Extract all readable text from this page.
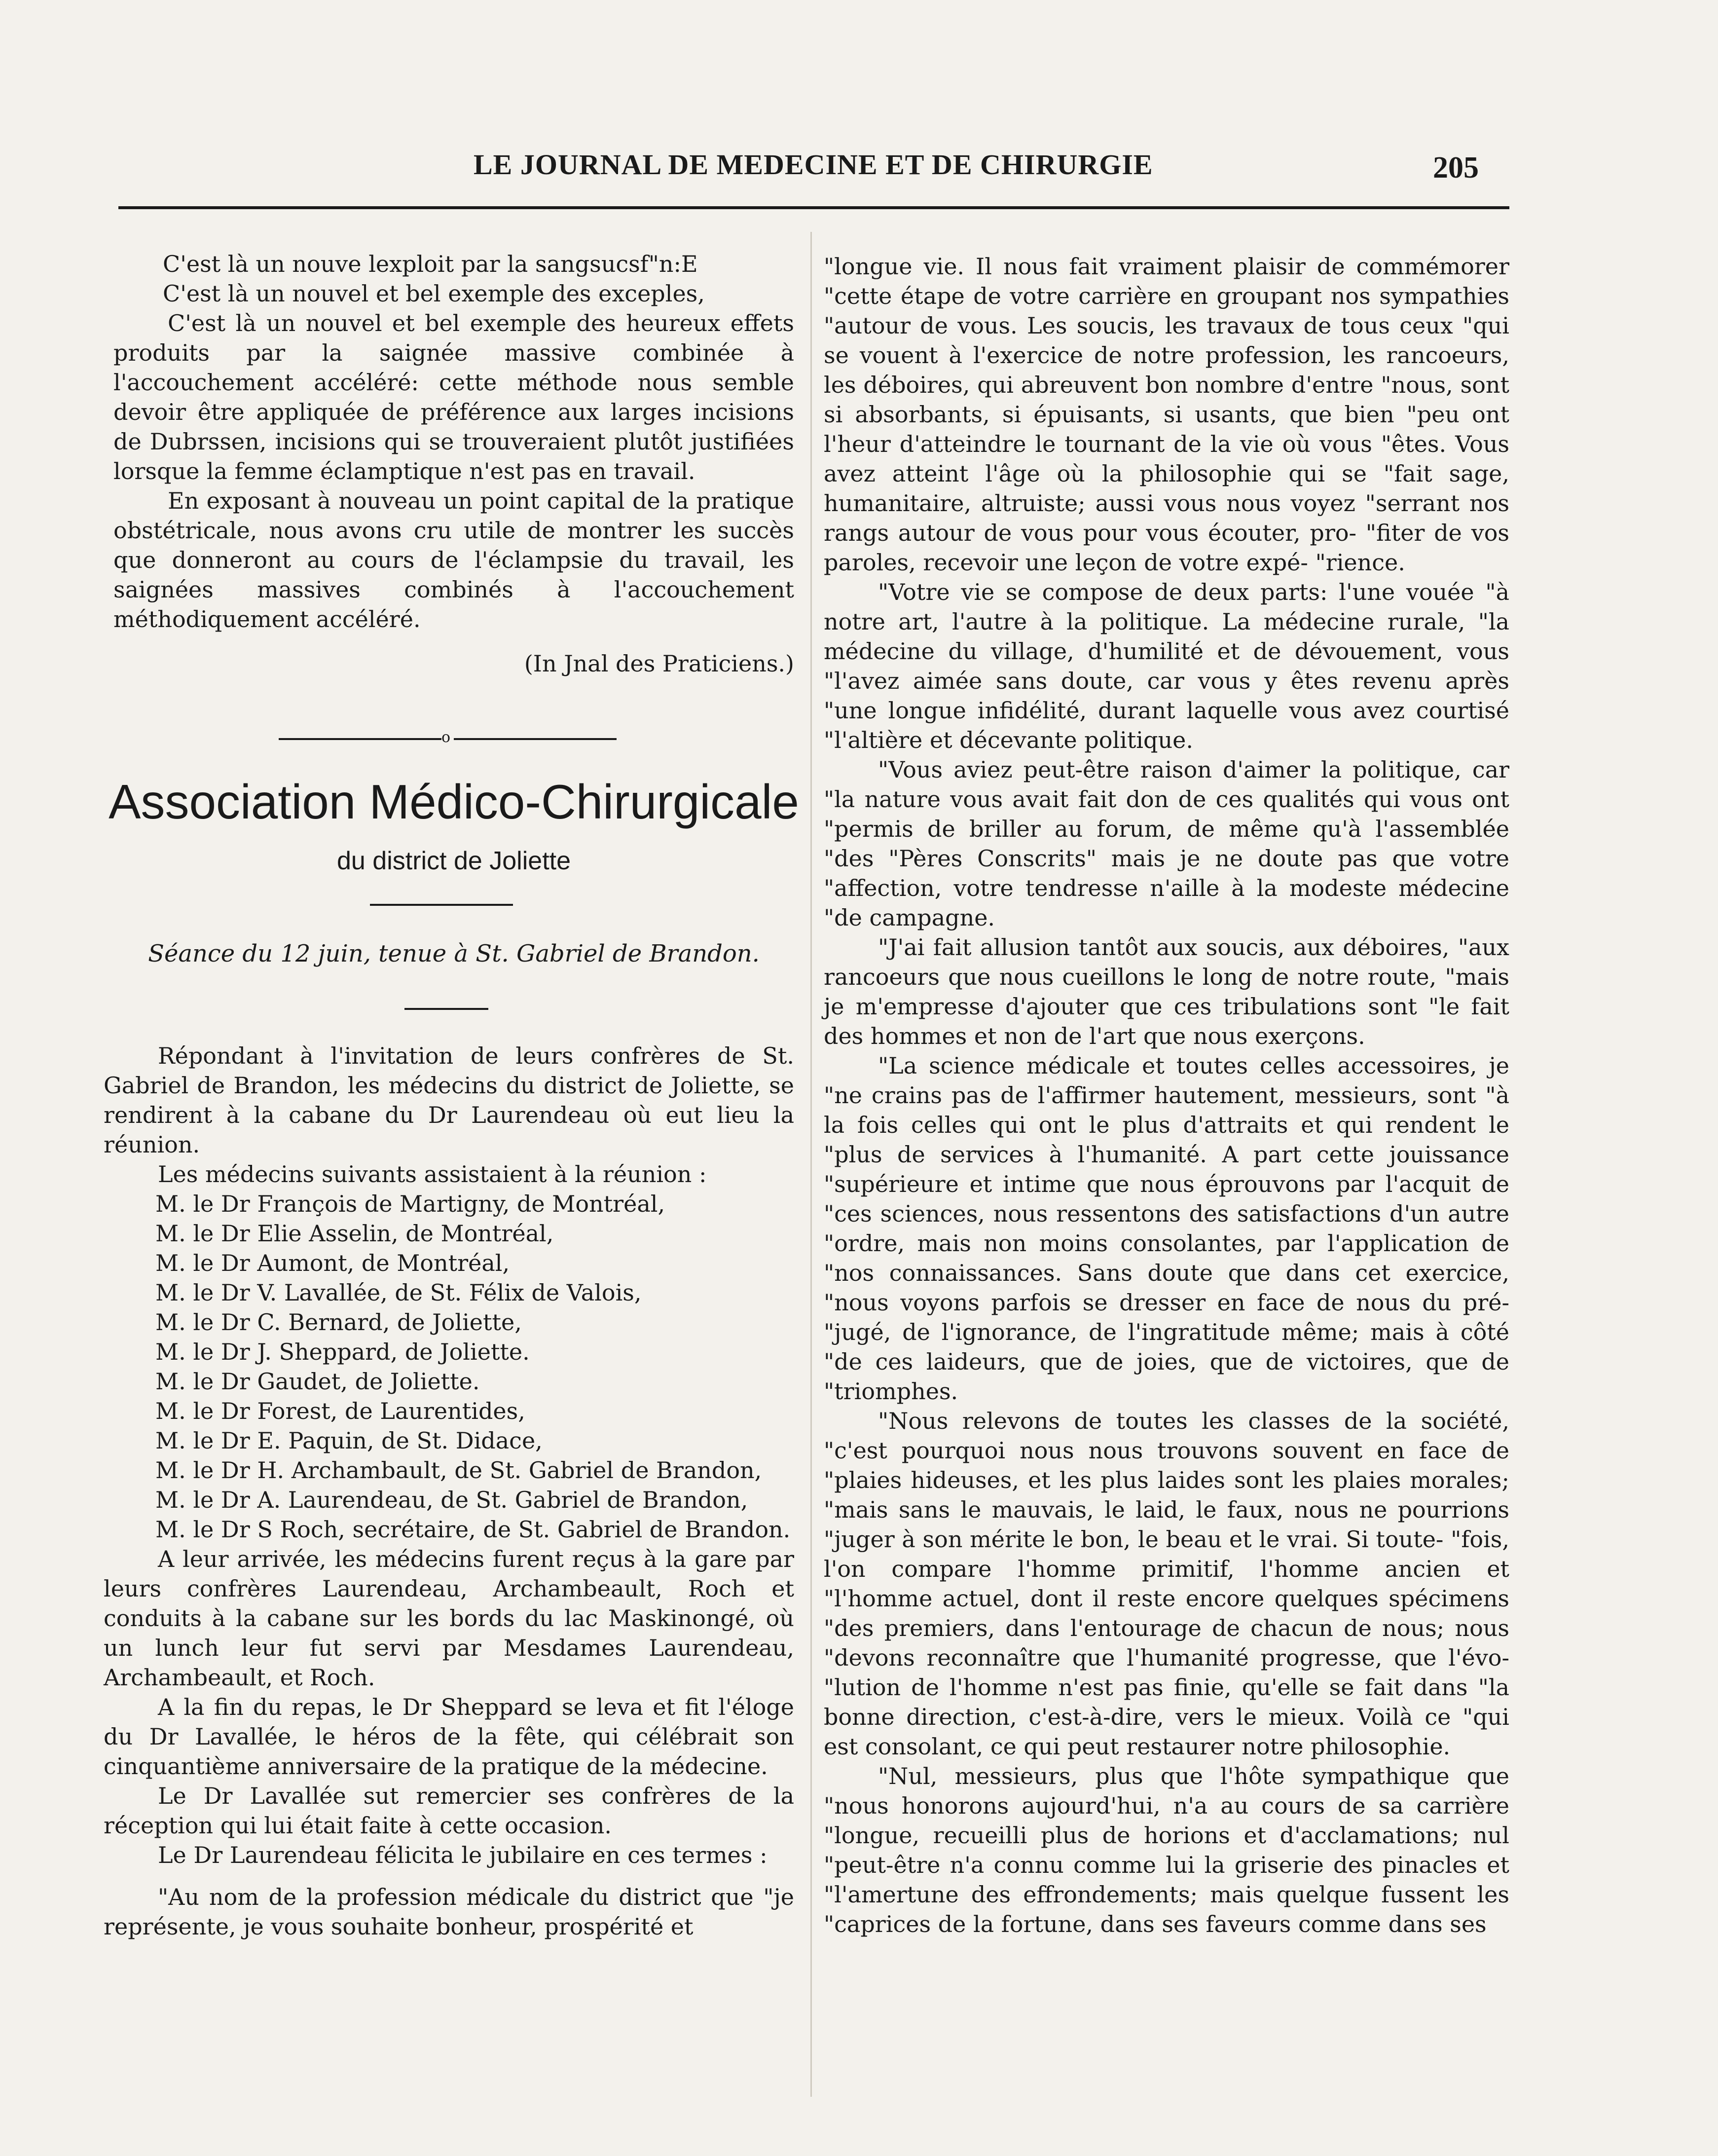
LE JOURNAL DE MEDECINE ET DE CHIRURGIE	205

C'est là un nouve lexploit par la sangsucsf"n:E

C'est là un nouvel et bel exemple des exceples,

C'est là un nouvel et bel exemple des heureux effets produits par la saignée massive combinée à l'accouchement accéléré: cette méthode nous semble devoir être appliquée de préférence aux larges incisions de Dubrssen, incisions qui se trouveraient plutôt justifiées lorsque la femme éclamptique n'est pas en travail.

En exposant à nouveau un point capital de la pratique obstétricale, nous avons cru utile de montrer les succès que donneront au cours de l'éclampsie du travail, les saignées massives combinés à l'accouchement méthodiquement accéléré.

(In Jnal des Praticiens.)

o
Association Médico-Chirurgicale
du district de Joliette
Séance du 12 juin, tenue à St. Gabriel de Brandon.

Répondant à l'invitation de leurs confrères de St. Gabriel de Brandon, les médecins du district de Joliette, se rendirent à la cabane du Dr Laurendeau où eut lieu la réunion.

Les médecins suivants assistaient à la réunion :

M. le Dr François de Martigny, de Montréal,
M. le Dr Elie Asselin, de Montréal,
M. le Dr Aumont, de Montréal,
M. le Dr V. Lavallée, de St. Félix de Valois,
M. le Dr C. Bernard, de Joliette,
M. le Dr J. Sheppard, de Joliette.
M. le Dr Gaudet, de Joliette.
M. le Dr Forest, de Laurentides,
M. le Dr E. Paquin, de St. Didace,
M. le Dr H. Archambault, de St. Gabriel de Brandon,
M. le Dr A. Laurendeau, de St. Gabriel de Brandon,
M. le Dr S Roch, secrétaire, de St. Gabriel de Brandon.

A leur arrivée, les médecins furent reçus à la gare par leurs confrères Laurendeau, Archambeault, Roch et conduits à la cabane sur les bords du lac Maskinongé, où un lunch leur fut servi par Mesdames Laurendeau, Archambeault, et Roch.

A la fin du repas, le Dr Sheppard se leva et fit l'éloge du Dr Lavallée, le héros de la fête, qui célébrait son cinquantième anniversaire de la pratique de la médecine.

Le Dr Lavallée sut remercier ses confrères de la réception qui lui était faite à cette occasion.

Le Dr Laurendeau félicita le jubilaire en ces termes :

"Au nom de la profession médicale du district que "je représente, je vous souhaite bonheur, prospérité et

"longue vie. Il nous fait vraiment plaisir de commémorer "cette étape de votre carrière en groupant nos sympathies "autour de vous. Les soucis, les travaux de tous ceux "qui se vouent à l'exercice de notre profession, les rancoeurs, les déboires, qui abreuvent bon nombre d'entre "nous, sont si absorbants, si épuisants, si usants, que bien "peu ont l'heur d'atteindre le tournant de la vie où vous "êtes. Vous avez atteint l'âge où la philosophie qui se "fait sage, humanitaire, altruiste; aussi vous nous voyez "serrant nos rangs autour de vous pour vous écouter, pro- "fiter de vos paroles, recevoir une leçon de votre expé- "rience.

"Votre vie se compose de deux parts: l'une vouée "à notre art, l'autre à la politique. La médecine rurale, "la médecine du village, d'humilité et de dévouement, vous "l'avez aimée sans doute, car vous y êtes revenu après "une longue infidélité, durant laquelle vous avez courtisé "l'altière et décevante politique.

"Vous aviez peut-être raison d'aimer la politique, car "la nature vous avait fait don de ces qualités qui vous ont "permis de briller au forum, de même qu'à l'assemblée "des "Pères Conscrits" mais je ne doute pas que votre "affection, votre tendresse n'aille à la modeste médecine "de campagne.

"J'ai fait allusion tantôt aux soucis, aux déboires, "aux rancoeurs que nous cueillons le long de notre route, "mais je m'empresse d'ajouter que ces tribulations sont "le fait des hommes et non de l'art que nous exerçons.

"La science médicale et toutes celles accessoires, je "ne crains pas de l'affirmer hautement, messieurs, sont "à la fois celles qui ont le plus d'attraits et qui rendent le "plus de services à l'humanité. A part cette jouissance "supérieure et intime que nous éprouvons par l'acquit de "ces sciences, nous ressentons des satisfactions d'un autre "ordre, mais non moins consolantes, par l'application de "nos connaissances. Sans doute que dans cet exercice, "nous voyons parfois se dresser en face de nous du pré- "jugé, de l'ignorance, de l'ingratitude même; mais à côté "de ces laideurs, que de joies, que de victoires, que de "triomphes.

"Nous relevons de toutes les classes de la société, "c'est pourquoi nous nous trouvons souvent en face de "plaies hideuses, et les plus laides sont les plaies morales; "mais sans le mauvais, le laid, le faux, nous ne pourrions "juger à son mérite le bon, le beau et le vrai. Si toute- "fois, l'on compare l'homme primitif, l'homme ancien et "l'homme actuel, dont il reste encore quelques spécimens "des premiers, dans l'entourage de chacun de nous; nous "devons reconnaître que l'humanité progresse, que l'évo- "lution de l'homme n'est pas finie, qu'elle se fait dans "la bonne direction, c'est-à-dire, vers le mieux. Voilà ce "qui est consolant, ce qui peut restaurer notre philosophie.

"Nul, messieurs, plus que l'hôte sympathique que "nous honorons aujourd'hui, n'a au cours de sa carrière "longue, recueilli plus de horions et d'acclamations; nul "peut-être n'a connu comme lui la griserie des pinacles et "l'amertune des effrondements; mais quelque fussent les "caprices de la fortune, dans ses faveurs comme dans ses
